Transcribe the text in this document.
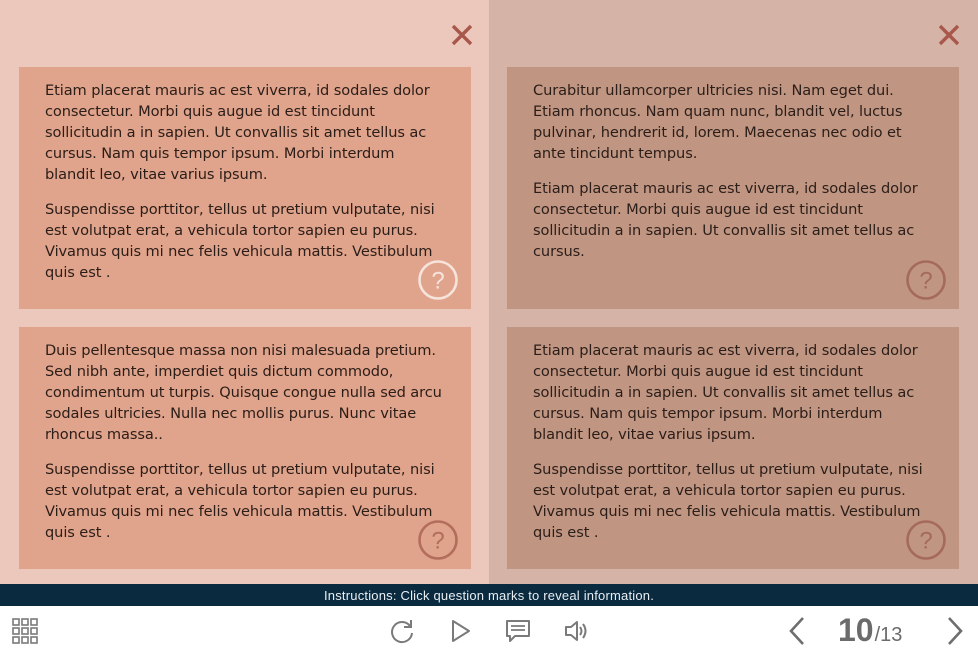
Etiam placerat mauris ac est viverra, id sodales dolor consectetur. Morbi quis augue id est tincidunt sollicitudin a in sapien. Ut convallis sit amet tellus ac cursus. Nam quis tempor ipsum. Morbi interdum blandit leo, vitae varius ipsum.

Suspendisse porttitor, tellus ut pretium vulputate, nisi est volutpat erat, a vehicula tortor sapien eu purus. Vivamus quis mi nec felis vehicula mattis. Vestibulum quis est .	?

Duis pellentesque massa non nisi malesuada pretium. Sed nibh ante, imperdiet quis dictum commodo, condimentum ut turpis. Quisque congue nulla sed arcu sodales ultricies. Nulla nec mollis purus. Nunc vitae rhoncus massa..

Suspendisse porttitor, tellus ut pretium vulputate, nisi est volutpat erat, a vehicula tortor sapien eu purus. Vivamus quis mi nec felis vehicula mattis. Vestibulum quis est .	?

Curabitur ullamcorper ultricies nisi. Nam eget dui. Etiam rhoncus. Nam quam nunc, blandit vel, luctus pulvinar, hendrerit id, lorem. Maecenas nec odio et ante tincidunt tempus.

Etiam placerat mauris ac est viverra, id sodales dolor consectetur. Morbi quis augue id est tincidunt sollicitudin a in sapien. Ut convallis sit amet tellus ac cursus.

?

Etiam placerat mauris ac est viverra, id sodales dolor consectetur. Morbi quis augue id est tincidunt sollicitudin a in sapien. Ut convallis sit amet tellus ac cursus. Nam quis tempor ipsum. Morbi interdum blandit leo, vitae varius ipsum.

Suspendisse porttitor, tellus ut pretium vulputate, nisi est volutpat erat, a vehicula tortor sapien eu purus. Vivamus quis mi nec felis vehicula mattis. Vestibulum quis est .	?
Instructions: Click question marks to reveal information.
10 /13
